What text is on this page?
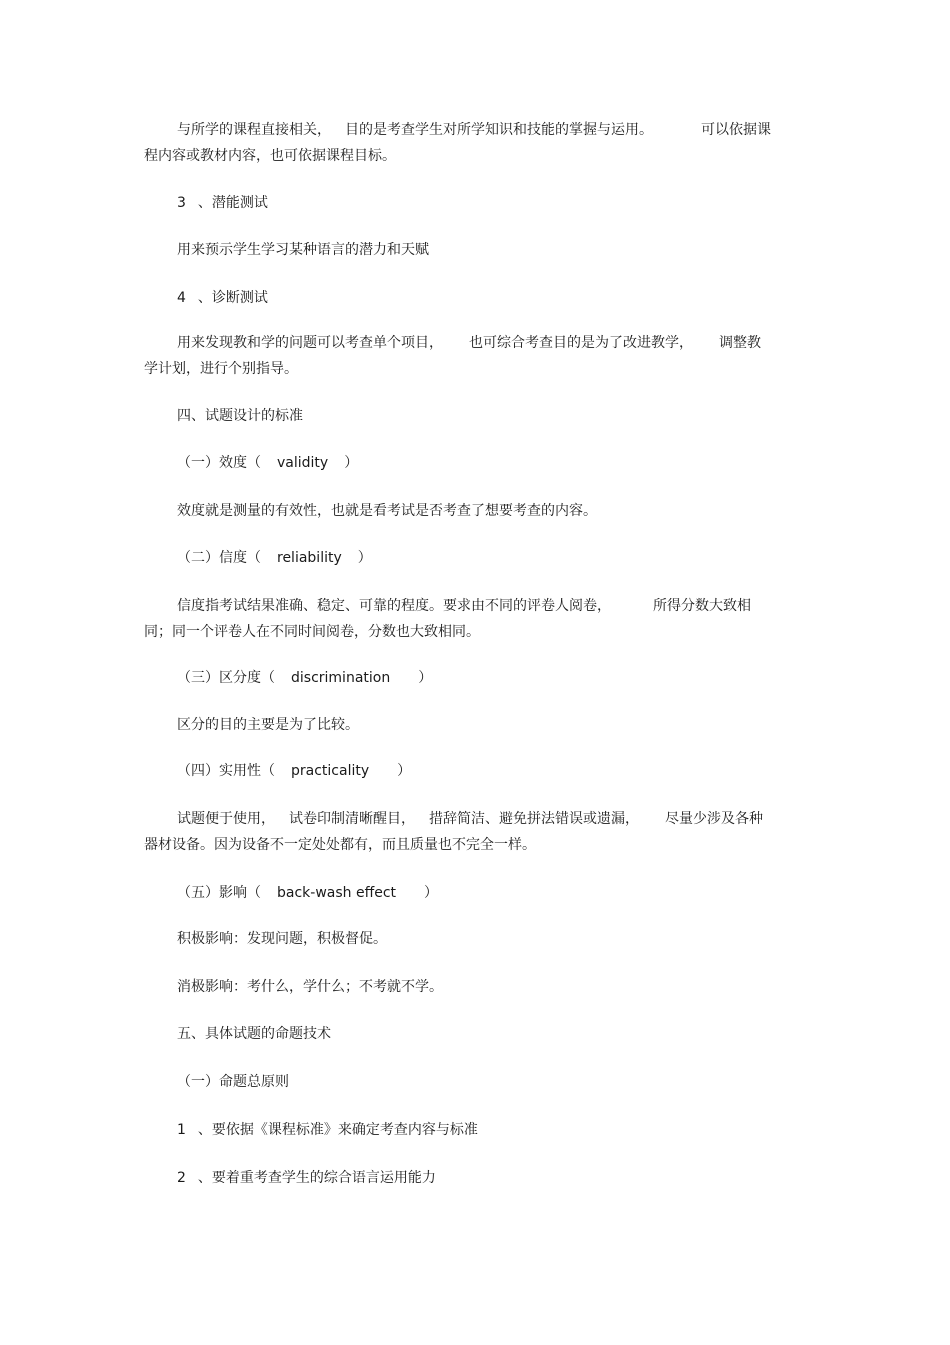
与所学的课程直接相关， 目的是考查学生对所学知识和技能的掌握与运用。	可以依据课
程内容或教材内容，也可依据课程目标。
3 、潜能测试
用来预示学生学习某种语言的潜力和天赋
4 、诊断测试
用来发现教和学的问题可以考查单个项目， 也可综合考查目的是为了改进教学， 调整教
学计划，进行个别指导。
四、试题设计的标准
（一）效度（ validity ）
效度就是测量的有效性，也就是看考试是否考查了想要考查的内容。
（二）信度（ reliability ）
信度指考试结果准确、稳定、可靠的程度。要求由不同的评卷人阅卷，	所得分数大致相
同；同一个评卷人在不同时间阅卷，分数也大致相同。
（三）区分度（ discrimination ）
区分的目的主要是为了比较。
（四）实用性（ practicality ）
试题便于使用， 试卷印制清晰醒目， 措辞简洁、避免拼法错误或遗漏， 尽量少涉及各种
器材设备。因为设备不一定处处都有，而且质量也不完全一样。
（五）影响（ back-wash effect ）
积极影响：发现问题，积极督促。
消极影响：考什么，学什么；不考就不学。
五、具体试题的命题技术
（一）命题总原则
1 、要依据《课程标准》来确定考查内容与标准
2 、要着重考查学生的综合语言运用能力
